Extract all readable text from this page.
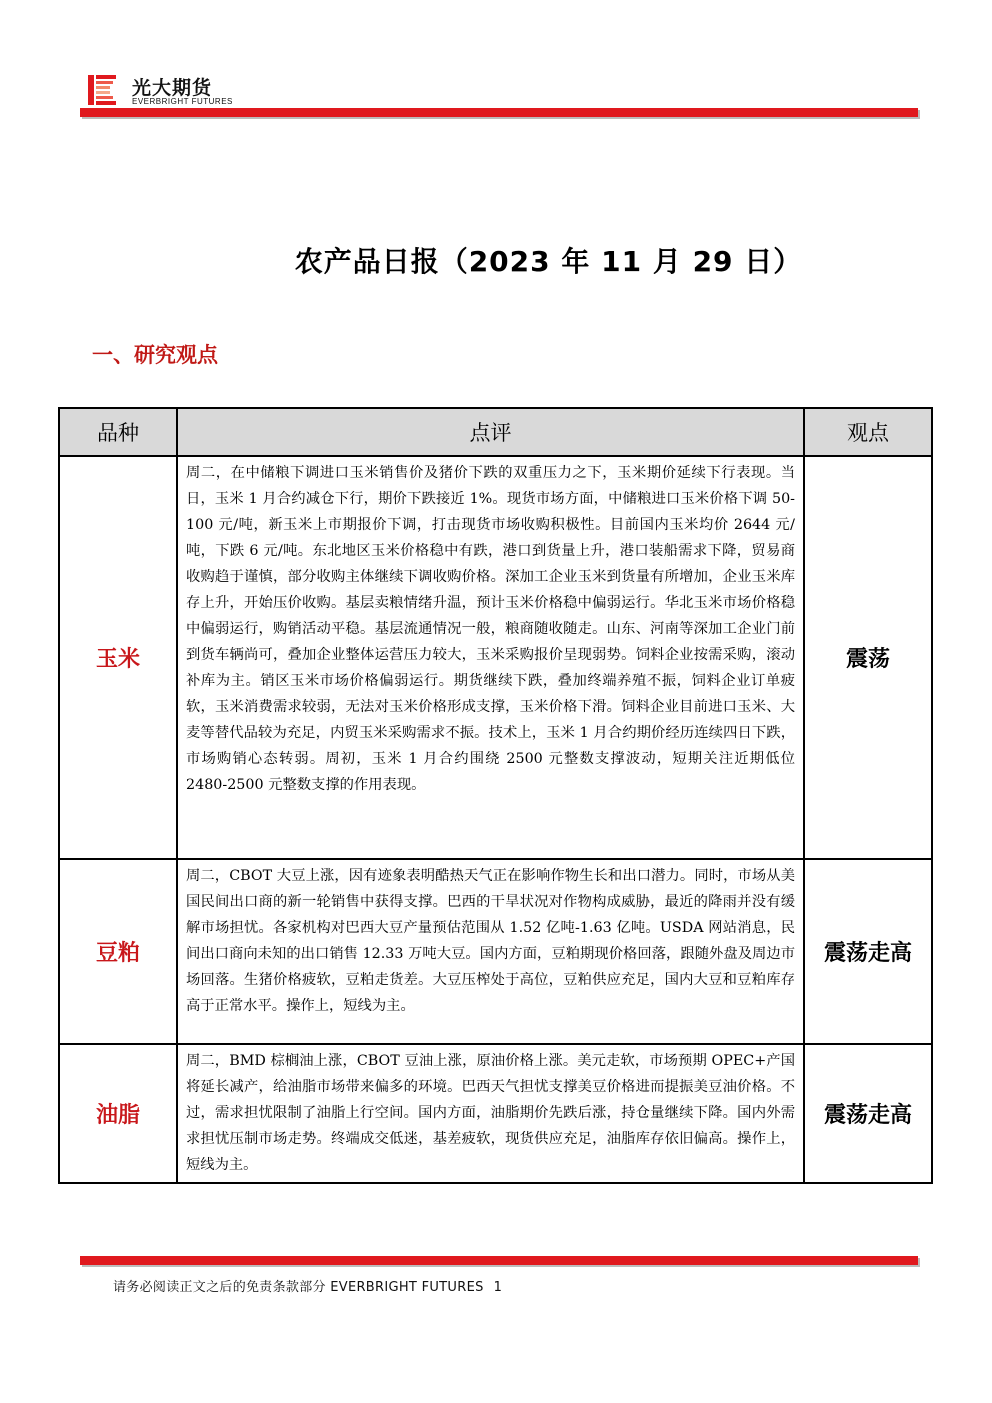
光大期货
EVERBRIGHT FUTURES
农产品日报（2023 年 11 月 29 日）
一、研究观点
品种	点评	观点
玉米	周二，在中储粮下调进口玉米销售价及猪价下跌的双重压力之下，玉米期价延续下行表现。当日，玉米 1 月合约减仓下行，期价下跌接近 1%。现货市场方面，中储粮进口玉米价格下调 50-100 元/吨，新玉米上市期报价下调，打击现货市场收购积极性。目前国内玉米均价 2644 元/吨，下跌 6 元/吨。东北地区玉米价格稳中有跌，港口到货量上升，港口装船需求下降，贸易商收购趋于谨慎，部分收购主体继续下调收购价格。深加工企业玉米到货量有所增加，企业玉米库存上升，开始压价收购。基层卖粮情绪升温，预计玉米价格稳中偏弱运行。华北玉米市场价格稳中偏弱运行，购销活动平稳。基层流通情况一般，粮商随收随走。山东、河南等深加工企业门前到货车辆尚可，叠加企业整体运营压力较大，玉米采购报价呈现弱势。饲料企业按需采购，滚动补库为主。销区玉米市场价格偏弱运行。期货继续下跌，叠加终端养殖不振，饲料企业订单疲软，玉米消费需求较弱，无法对玉米价格形成支撑，玉米价格下滑。饲料企业目前进口玉米、大麦等替代品较为充足，内贸玉米采购需求不振。技术上，玉米 1 月合约期价经历连续四日下跌，市场购销心态转弱。周初，玉米 1 月合约围绕 2500 元整数支撑波动，短期关注近期低位 2480-2500 元整数支撑的作用表现。	震荡
豆粕	周二，CBOT 大豆上涨，因有迹象表明酷热天气正在影响作物生长和出口潜力。同时，市场从美国民间出口商的新一轮销售中获得支撑。巴西的干旱状况对作物构成威胁，最近的降雨并没有缓解市场担忧。各家机构对巴西大豆产量预估范围从 1.52 亿吨-1.63 亿吨。USDA 网站消息，民间出口商向未知的出口销售 12.33 万吨大豆。国内方面，豆粕期现价格回落，跟随外盘及周边市场回落。生猪价格疲软，豆粕走货差。大豆压榨处于高位，豆粕供应充足，国内大豆和豆粕库存高于正常水平。操作上，短线为主。	震荡走高
油脂	周二，BMD 棕榈油上涨，CBOT 豆油上涨，原油价格上涨。美元走软，市场预期 OPEC+产国将延长减产，给油脂市场带来偏多的环境。巴西天气担忧支撑美豆价格进而提振美豆油价格。不过，需求担忧限制了油脂上行空间。国内方面，油脂期价先跌后涨，持仓量继续下降。国内外需求担忧压制市场走势。终端成交低迷，基差疲软，现货供应充足，油脂库存依旧偏高。操作上，短线为主。	震荡走高
请务必阅读正文之后的免责条款部分 EVERBRIGHT FUTURES 1
